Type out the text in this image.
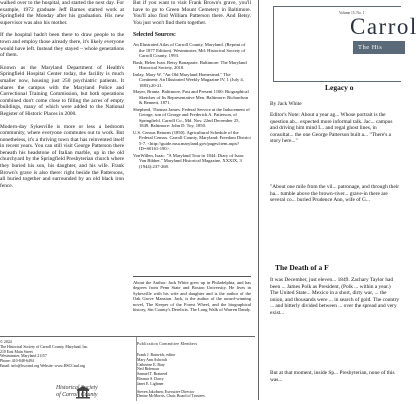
walked over to the hospital, and started the next day. For example, 1972 graduate Jeff Barnes started work at Springfield the Monday after his graduation. His new supervisor was also his mother.

If the hospital hadn't been there to draw people to the town and employ those already there, it's likely everyone would have left. Instead they stayed – whole generations of them.

Known as the Maryland Department of Health's Springfield Hospital Center today, the facility is much smaller now, housing just 250 psychiatric patients. It shares the campus with the Maryland Police and Correctional Training Commission, but both operations combined don't come close to filling the acres of empty buildings, many of which were added to the National Register of Historic Places in 2000.

Modern-day Sykesville is more or less a bedroom community, where everyone commutes out to work. But nonetheless, it's a thriving town that has reinvented itself in recent years. You can still visit George Patterson there beneath his headstone of Italian marble, up in the old churchyard by the Springfield Presbyterian church where they buried his son, his daughter, and his wife. Frank Brown's grave is also there: right beside the Pattersons, all buried together and surrounded by an old black iron fence.

But if you want to visit Frank Brown's grave, you'll have to go to Green Mount Cemetery in Baltimore. You'll also find William Patterson there. And Betsy. You just won't find them together.

Selected Sources:

An Illustrated Atlas of Carroll County, Maryland. (Reprint of the 1877 Edition). Westminster, Md: Historical Society of Carroll County, 1993.

Bash, Helen Ivan. Betsy Bonaparte. Baltimore: The Maryland Historical Society, 2010.

Imlay, Mary W. "An Old Maryland Homestead." The Continent: An Illustrated Weekly Magazine IV, 1 (July 4, 1883):20-21.

Mayer, Brantz. Baltimore, Past and Present 1100: Biographical Sketches of Its Representative Men. Baltimore: Richardson & Bennett, 1871.

Shepherd, Thomas James. Federal Service at the Inducement of George, son of George and Frederick A. Patterson, of Springfield, Carroll Co., Md. Nov. 22nd December 25, 1849. Baltimore: John D. Toy, 1850.

U.S. Census Returns (1850). Agricultural Schedule of the Federal Census. Carroll County, Maryland: Freedom District 5-7. <http://guide.msa.maryland.gov/pages/item.aspx?ID=S0161-190>.

VonWillen, Isaac. "A Maryland Tour in 1844: Diary of Isaac Van Bibber." Maryland Historical Magazine, XXXIX, 3 (1944):237-268.

About the Author: Jack White grew up in Philadelphia, and has degrees from Penn State and Boston University. He lives in Sykesville with his wife and daughter and is the author of the Oak Grove Mansion. Jack, is the author of the award-winning novel, The Keeper of the Forest Wheel, and the biographical history, Sin County's Derelicts. The Long Walk of Warren Dandy.

© 2024

The Historical Society of Carroll County, Maryland, Inc.

210 East Main Street

Westminster, Maryland 21157

Phone: 410-848-6494

Email: info@hsccmd.org Website: www.HSCCmd.org

Historical Society
of Carroll County

Publication Committee Members

Frank J. Batavick, editor

Mary Ann Ashcraft

Catherine E. Baty

Neil Ridenour

Samuel T. Brainerd

Eleanor S. Darcy

Janet E. Lightner

Steven Jakobsen, Executive Director

Denise McMorris, Chair, Board of Trustees

Volume 15, No. 1
Carrol
The His
Legacy o
By Jack White

Editor's Note: About a year ag... Whose portrait is the question ab... expected more informal talk. Jac... campus and driving him mind I... and regal ghost lines, in consultat... the one George Patterson built a... "There's a story here..."

"About one mile from the vil... patronage, and through their ha... tumble above the brown-river... grave-in there are several co... buried Prudence Ann, wife of G...

The Death of a F

It was December, just eleven... 1849. Zachary Taylor had been ... James Polk as President, (Polk ... within a year.) The United State... Mexico in a short, dirty war, ... the union, and thousands were ... in search of gold. The country ... and bitterly divided between ... over the spread and very exist...

But at that moment, inside Sp... Presbyterian, none of this was...
